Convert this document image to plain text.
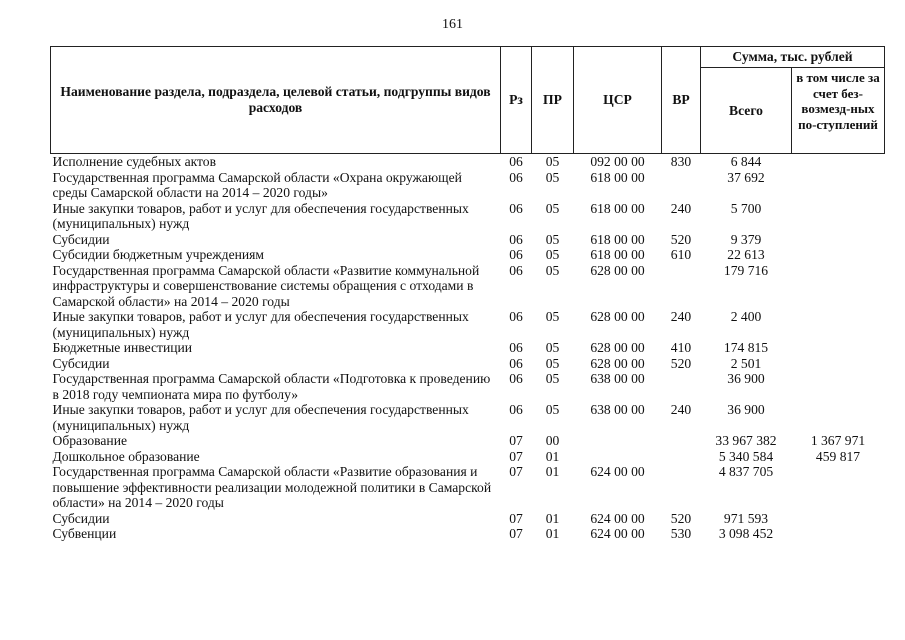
161
Наименование раздела, подраздела, целевой статьи, подгруппы видов расходов	Рз	ПР	ЦСР	ВР	Сумма, тыс. рублей	
					Всего	в том числе за счет без-возмезд-ных по-ступлений
Исполнение судебных актов	06	05	092 00 00	830	6 844	
Государственная программа Самарской области «Охрана окружающей среды Самарской области на 2014 – 2020 годы»	06	05	618 00 00		37 692	
Иные закупки товаров, работ и услуг для обеспечения государственных (муниципальных) нужд	06	05	618 00 00	240	5 700	
Субсидии	06	05	618 00 00	520	9 379	
Субсидии бюджетным учреждениям	06	05	618 00 00	610	22 613	
Государственная программа Самарской области «Развитие коммунальной инфраструктуры и совершенствование системы обращения с отходами в Самарской области» на 2014 – 2020 годы	06	05	628 00 00		179 716	
Иные закупки товаров, работ и услуг для обеспечения государственных (муниципальных) нужд	06	05	628 00 00	240	2 400	
Бюджетные инвестиции	06	05	628 00 00	410	174 815	
Субсидии	06	05	628 00 00	520	2 501	
Государственная программа Самарской области «Подготовка к проведению в 2018 году чемпионата мира по футболу»	06	05	638 00 00		36 900	
Иные закупки товаров, работ и услуг для обеспечения государственных (муниципальных) нужд	06	05	638 00 00	240	36 900	
Образование	07	00			33 967 382	1 367 971
Дошкольное образование	07	01			5 340 584	459 817
Государственная программа Самарской области «Развитие образования и повышение эффективности реализации молодежной политики в Самарской области» на 2014 – 2020 годы	07	01	624 00 00		4 837 705	
Субсидии	07	01	624 00 00	520	971 593	
Субвенции	07	01	624 00 00	530	3 098 452	
